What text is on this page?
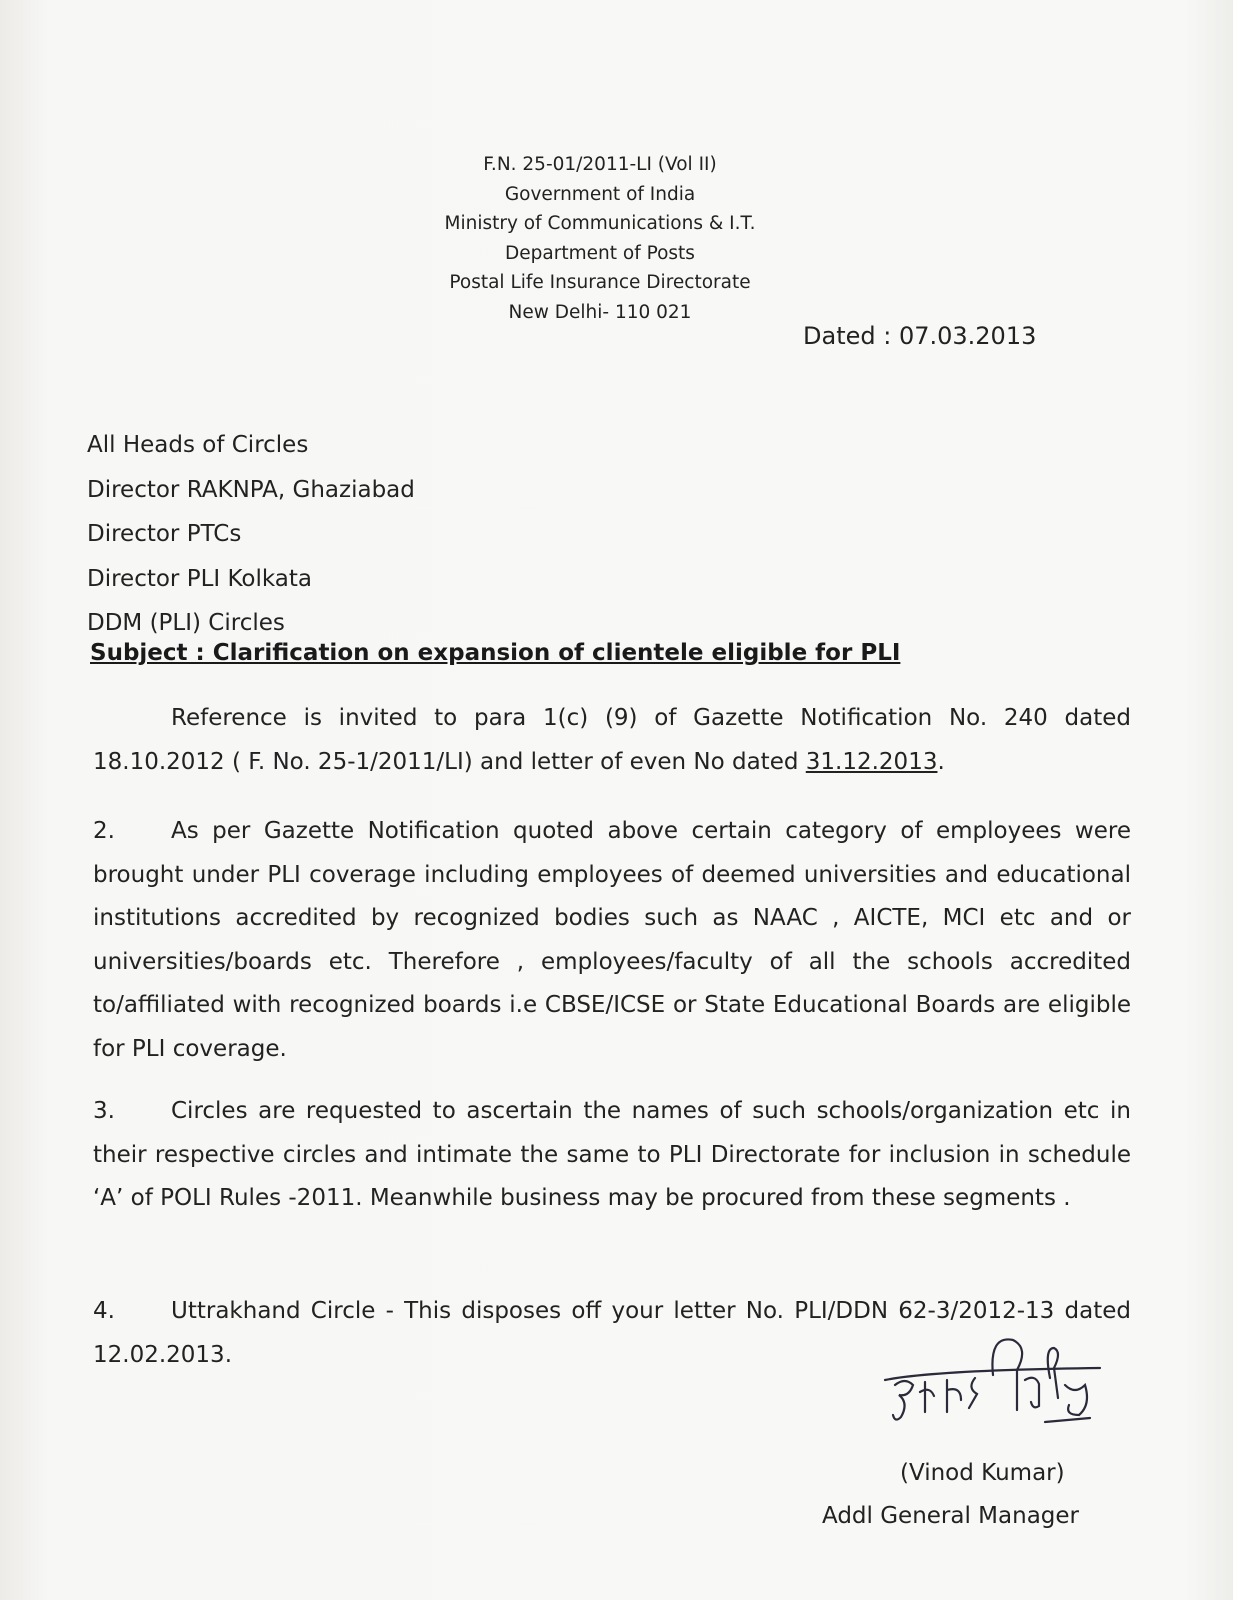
F.N. 25-01/2011-LI (Vol II)
Government of India
Ministry of Communications & I.T.
Department of Posts
Postal Life Insurance Directorate
New Delhi- 110 021
Dated : 07.03.2013
All Heads of Circles
Director RAKNPA, Ghaziabad
Director PTCs
Director PLI Kolkata
DDM (PLI) Circles
Subject : Clarification on expansion of clientele eligible for PLI
Reference is invited to para 1(c) (9) of Gazette Notification No. 240 dated 18.10.2012 ( F. No. 25-1/2011/LI) and letter of even No dated 31.12.2013.
2. As per Gazette Notification quoted above certain category of employees were brought under PLI coverage including employees of deemed universities and educational institutions accredited by recognized bodies such as NAAC , AICTE, MCI etc and or universities/boards etc. Therefore , employees/faculty of all the schools accredited to/affiliated with recognized boards i.e CBSE/ICSE or State Educational Boards are eligible for PLI coverage.
3. Circles are requested to ascertain the names of such schools/organization etc in their respective circles and intimate the same to PLI Directorate for inclusion in schedule ‘A’ of POLI Rules -2011. Meanwhile business may be procured from these segments .
4. Uttrakhand Circle - This disposes off your letter No. PLI/DDN 62-3/2012-13 dated 12.02.2013.
(Vinod Kumar)
Addl General Manager
